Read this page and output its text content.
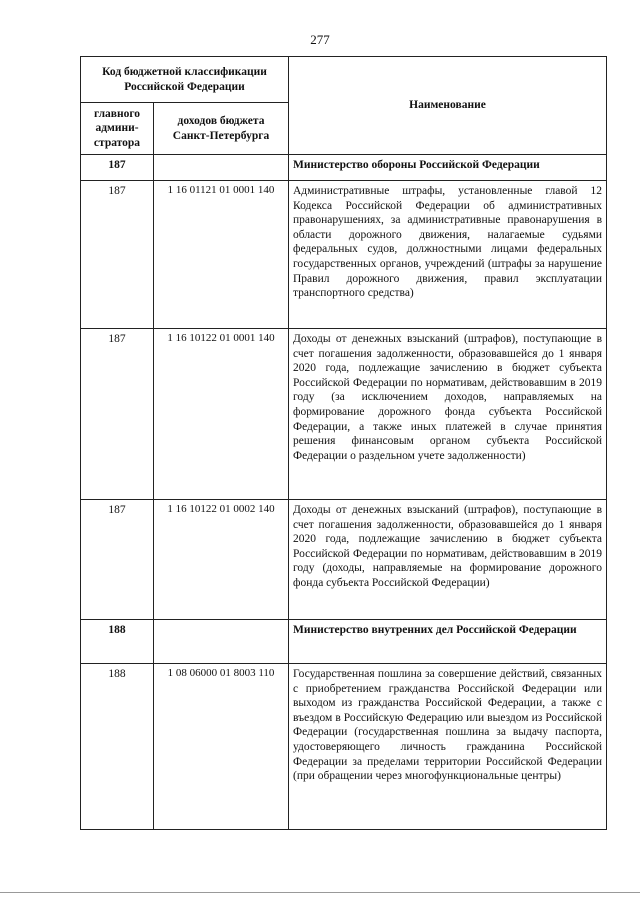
277
Код бюджетной классификации Российской Федерации		Наименование
главного админи-стратора	доходов бюджета Санкт-Петербурга	
187		Министерство обороны Российской Федерации
187	1 16 01121 01 0001 140	Административные штрафы, установленные главой 12 Кодекса Российской Федерации об административных правонарушениях, за административные правонарушения в области дорожного движения, налагаемые судьями федеральных судов, должностными лицами федеральных государственных органов, учреждений (штрафы за нарушение Правил дорожного движения, правил эксплуатации транспортного средства)
187	1 16 10122 01 0001 140	Доходы от денежных взысканий (штрафов), поступающие в счет погашения задолженности, образовавшейся до 1 января 2020 года, подлежащие зачислению в бюджет субъекта Российской Федерации по нормативам, действовавшим в 2019 году (за исключением доходов, направляемых на формирование дорожного фонда субъекта Российской Федерации, а также иных платежей в случае принятия решения финансовым органом субъекта Российской Федерации о раздельном учете задолженности)
187	1 16 10122 01 0002 140	Доходы от денежных взысканий (штрафов), поступающие в счет погашения задолженности, образовавшейся до 1 января 2020 года, подлежащие зачислению в бюджет субъекта Российской Федерации по нормативам, действовавшим в 2019 году (доходы, направляемые на формирование дорожного фонда субъекта Российской Федерации)
188		Министерство внутренних дел Российской Федерации
188	1 08 06000 01 8003 110	Государственная пошлина за совершение действий, связанных с приобретением гражданства Российской Федерации или выходом из гражданства Российской Федерации, а также с въездом в Российскую Федерацию или выездом из Российской Федерации (государственная пошлина за выдачу паспорта, удостоверяющего личность гражданина Российской Федерации за пределами территории Российской Федерации (при обращении через многофункциональные центры)
